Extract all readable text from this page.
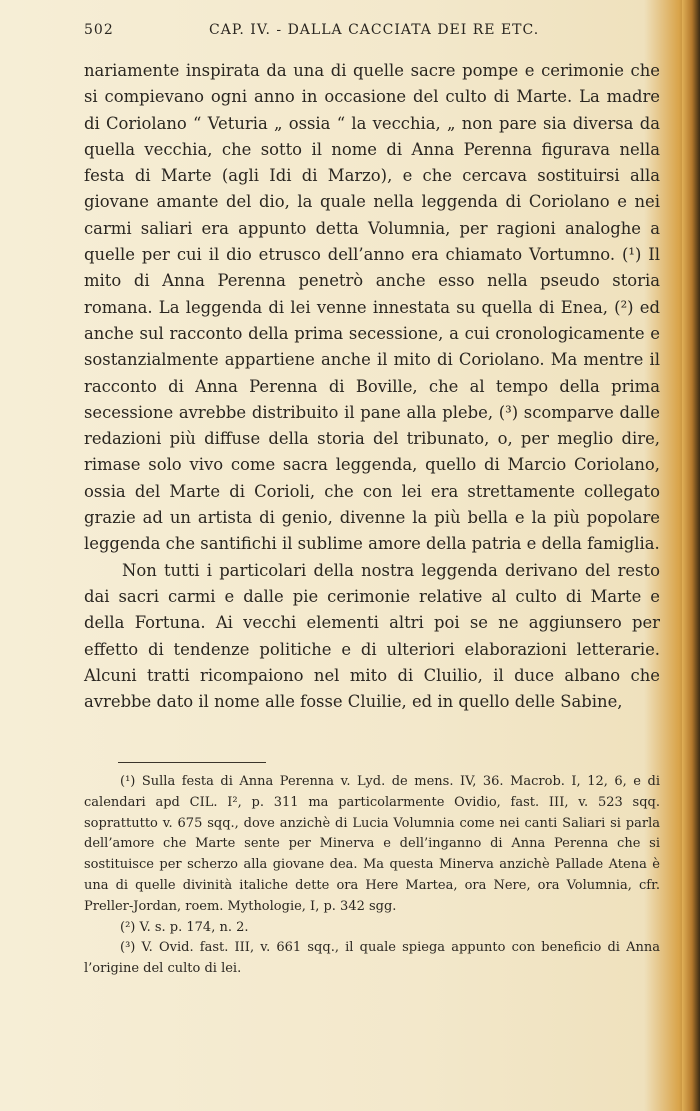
502	CAP. IV. - DALLA CACCIATA DEI RE ETC.

nariamente inspirata da una di quelle sacre pompe e cerimonie che si compievano ogni anno in occasione del culto di Marte. La madre di Coriolano “ Veturia „ ossia “ la vecchia, „ non pare sia diversa da quella vecchia, che sotto il nome di Anna Perenna figurava nella festa di Marte (agli Idi di Marzo), e che cercava sostituirsi alla giovane amante del dio, la quale nella leggenda di Coriolano e nei carmi saliari era appunto detta Volumnia, per ragioni analoghe a quelle per cui il dio etrusco dell’anno era chiamato Vortumno. (¹) Il mito di Anna Perenna penetrò anche esso nella pseudo storia romana. La leggenda di lei venne innestata su quella di Enea, (²) ed anche sul racconto della prima secessione, a cui cronologicamente e sostanzialmente appartiene anche il mito di Coriolano. Ma mentre il racconto di Anna Perenna di Boville, che al tempo della prima secessione avrebbe distribuito il pane alla plebe, (³) scomparve dalle redazioni più diffuse della storia del tribunato, o, per meglio dire, rimase solo vivo come sacra leggenda, quello di Marcio Coriolano, ossia del Marte di Corioli, che con lei era strettamente collegato grazie ad un artista di genio, divenne la più bella e la più popolare leggenda che santifichi il sublime amore della patria e della famiglia.

Non tutti i particolari della nostra leggenda derivano del resto dai sacri carmi e dalle pie cerimonie relative al culto di Marte e della Fortuna. Ai vecchi elementi altri poi se ne aggiunsero per effetto di tendenze politiche e di ulteriori elaborazioni letterarie. Alcuni tratti ricompaiono nel mito di Cluilio, il duce albano che avrebbe dato il nome alle fosse Cluilie, ed in quello delle Sabine,

(¹) Sulla festa di Anna Perenna v. Lyd. de mens. IV, 36. Macrob. I, 12, 6, e di calendari apd CIL. I², p. 311 ma particolarmente Ovidio, fast. III, v. 523 sqq. soprattutto v. 675 sqq., dove anzichè di Lucia Volumnia come nei canti Saliari si parla dell’amore che Marte sente per Minerva e dell’inganno di Anna Perenna che si sostituisce per scherzo alla giovane dea. Ma questa Minerva anzichè Pallade Atena è una di quelle divinità italiche dette ora Here Martea, ora Nere, ora Volumnia, cfr. Preller-Jordan, roem. Mythologie, I, p. 342 sgg.

(²) V. s. p. 174, n. 2.

(³) V. Ovid. fast. III, v. 661 sqq., il quale spiega appunto con beneficio di Anna l’origine del culto di lei.
